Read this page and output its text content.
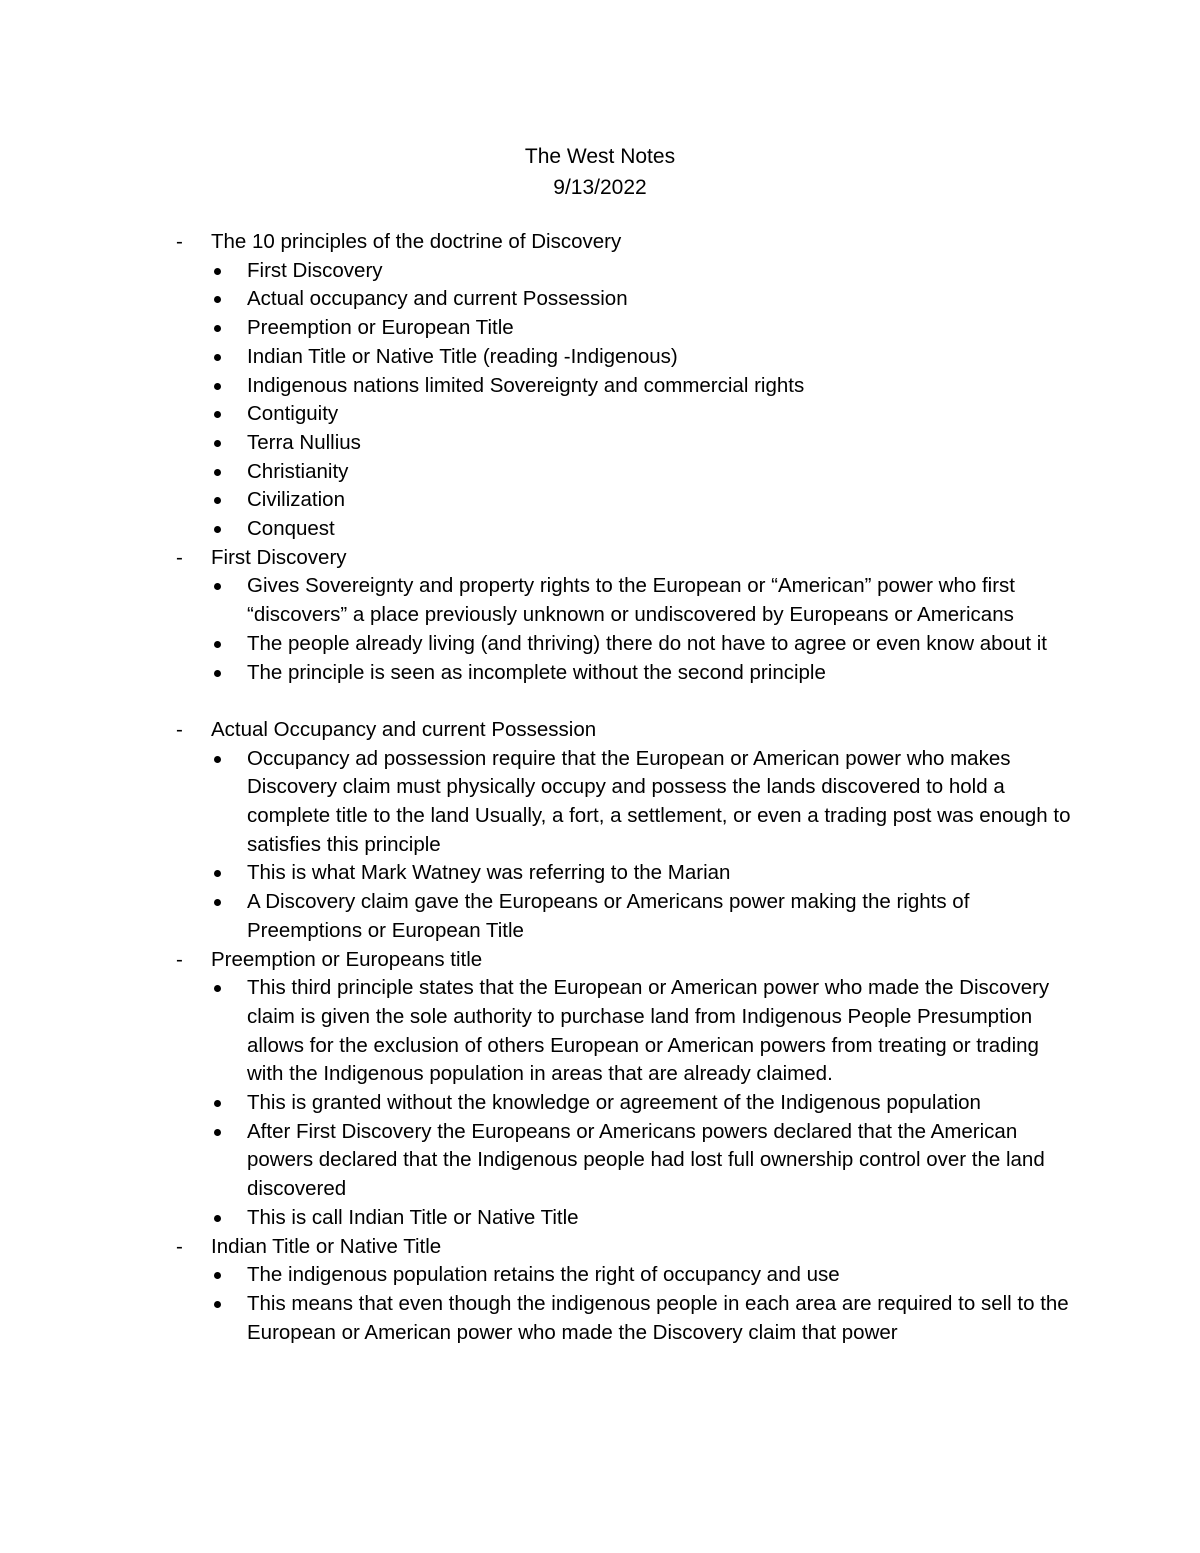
The West Notes
9/13/2022
-	The 10 principles of the doctrine of Discovery
First Discovery
Actual occupancy and current Possession
Preemption or European Title
Indian Title or Native Title (reading -Indigenous)
Indigenous nations limited Sovereignty and commercial rights
Contiguity
Terra Nullius
Christianity
Civilization
Conquest
-	First Discovery
Gives Sovereignty and property rights to the European or “American” power who first “discovers” a place previously unknown or undiscovered by Europeans or Americans
The people already living (and thriving) there do not have to agree or even know about it
The principle is seen as incomplete without the second principle
-	Actual Occupancy and current Possession
Occupancy ad possession require that the European or American power who makes Discovery claim must physically occupy and possess the lands discovered to hold a complete title to the land Usually, a fort, a settlement, or even a trading post was enough to satisfies this principle
This is what Mark Watney was referring to the Marian
A Discovery claim gave the Europeans or Americans power making the rights of Preemptions or European Title
-	Preemption or Europeans title
This third principle states that the European or American power who made the Discovery claim is given the sole authority to purchase land from Indigenous People Presumption allows for the exclusion of others European or American powers from treating or trading with the Indigenous population in areas that are already claimed.
This is granted without the knowledge or agreement of the Indigenous population
After First Discovery the Europeans or Americans powers declared that the American powers declared that the Indigenous people had lost full ownership control over the land discovered
This is call Indian Title or Native Title
-	Indian Title or Native Title
The indigenous population retains the right of occupancy and use
This means that even though the indigenous people in each area are required to sell to the European or American power who made the Discovery claim that power
